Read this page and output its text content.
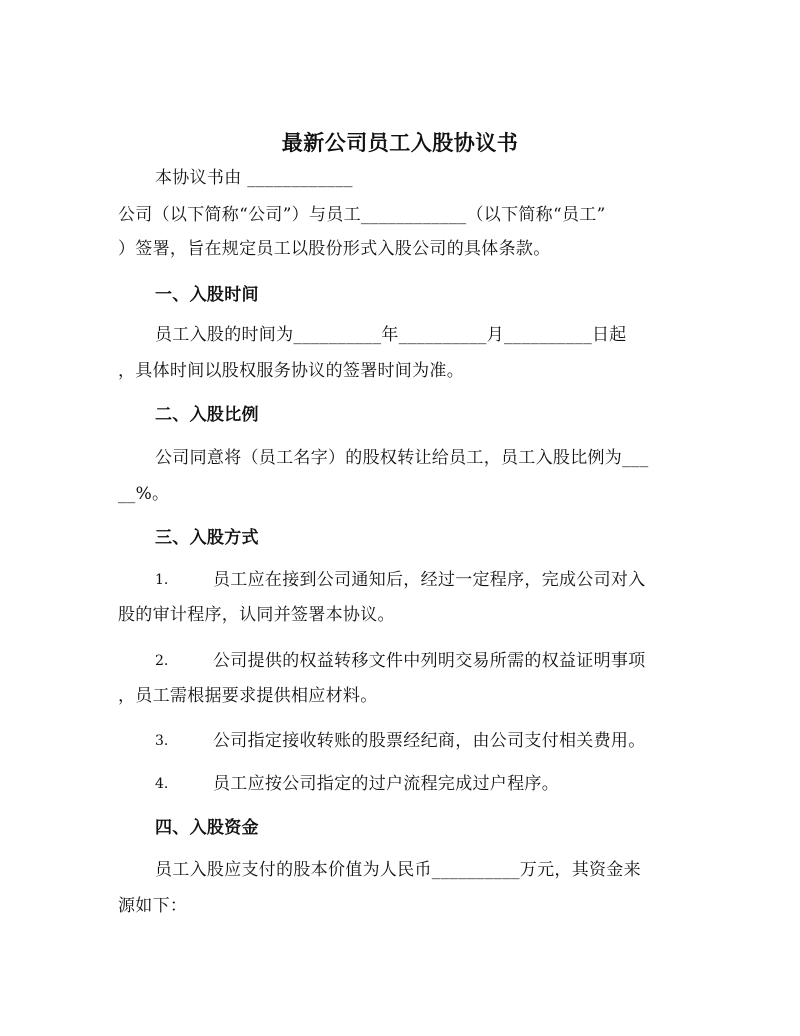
最新公司员工入股协议书
本协议书由 ____________
公司（以下简称“公司”）与员工____________（以下简称“员工”
）签署，旨在规定员工以股份形式入股公司的具体条款。
一、入股时间
员工入股的时间为__________年__________月__________日起
，具体时间以股权服务协议的签署时间为准。
二、入股比例
公司同意将（员工名字）的股权转让给员工，员工入股比例为___
__%。
三、入股方式
1.	员工应在接到公司通知后，经过一定程序，完成公司对入
股的审计程序，认同并签署本协议。
2.	公司提供的权益转移文件中列明交易所需的权益证明事项
，员工需根据要求提供相应材料。
3.	公司指定接收转账的股票经纪商，由公司支付相关费用。
4.	员工应按公司指定的过户流程完成过户程序。
四、入股资金
员工入股应支付的股本价值为人民币__________万元，其资金来
源如下：
